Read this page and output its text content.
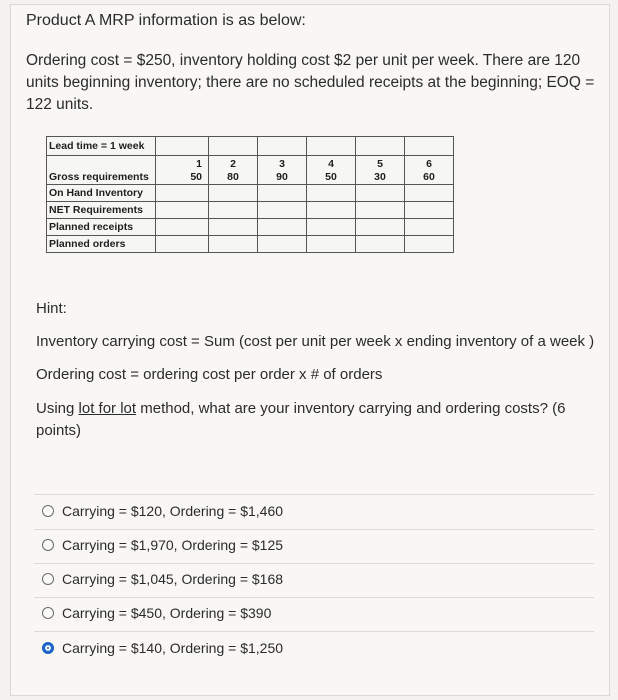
Product A MRP information is as below:
Ordering cost = $250, inventory holding cost $2 per unit per week. There are 120
units beginning inventory; there are no scheduled receipts at the beginning; EOQ =
122 units.
Lead time = 1 week						
	1	2	3	4	5	6
Gross requirements	50	80	90	50	30	60
On Hand Inventory						
NET Requirements						
Planned receipts						
Planned orders						
Hint:
Inventory carrying cost = Sum (cost per unit per week x ending inventory of a week )
Ordering cost = ordering cost per order x # of orders
Using lot for lot method, what are your inventory carrying and ordering costs? (6
points)
Carrying = $120, Ordering = $1,460
Carrying = $1,970, Ordering = $125
Carrying = $1,045, Ordering = $168
Carrying = $450, Ordering = $390
Carrying = $140, Ordering = $1,250
